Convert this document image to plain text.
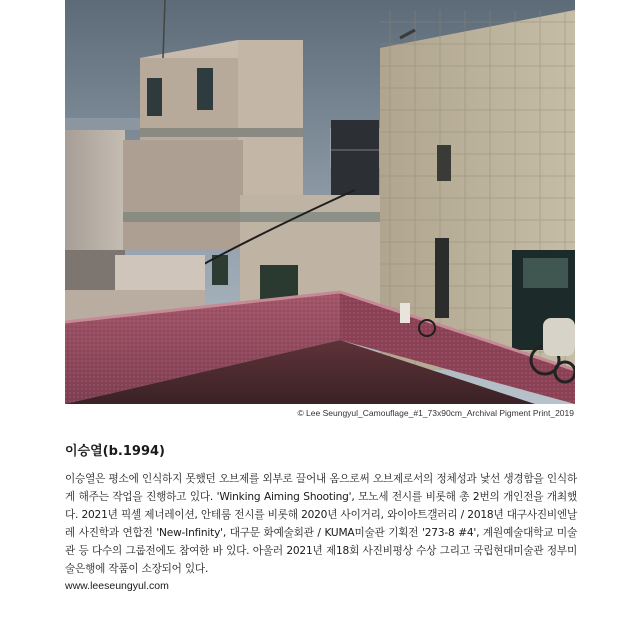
© Lee Seungyul_Camouflage_#1_73x90cm_Archival Pigment Print_2019
이승열(b.1994)

이승열은 평소에 인식하지 못했던 오브제를 외부로 끌어내 옴으로써 오브제로서의 정체성과 낯선 생경함을 인식하게 해주는 작업을 진행하고 있다. 'Winking Aiming Shooting', 모노세 전시를 비롯해 총 2번의 개인전을 개최했다. 2021년 픽셀 제너레이션, 안테룸 전시를 비롯해 2020년 사이거리, 와이아트갤러리 / 2018년 대구사진비엔날레 사진학과 연합전 'New-Infinity', 대구문 화예술회관 / KUMA미술관 기획전 '273-8 #4', 계원예술대학교 미술관 등 다수의 그룹전에도 참여한 바 있다. 아울러 2021년 제18회 사진비평상 수상 그리고 국립현대미술관 정부미술은행에 작품이 소장되어 있다.

www.leeseungyul.com
